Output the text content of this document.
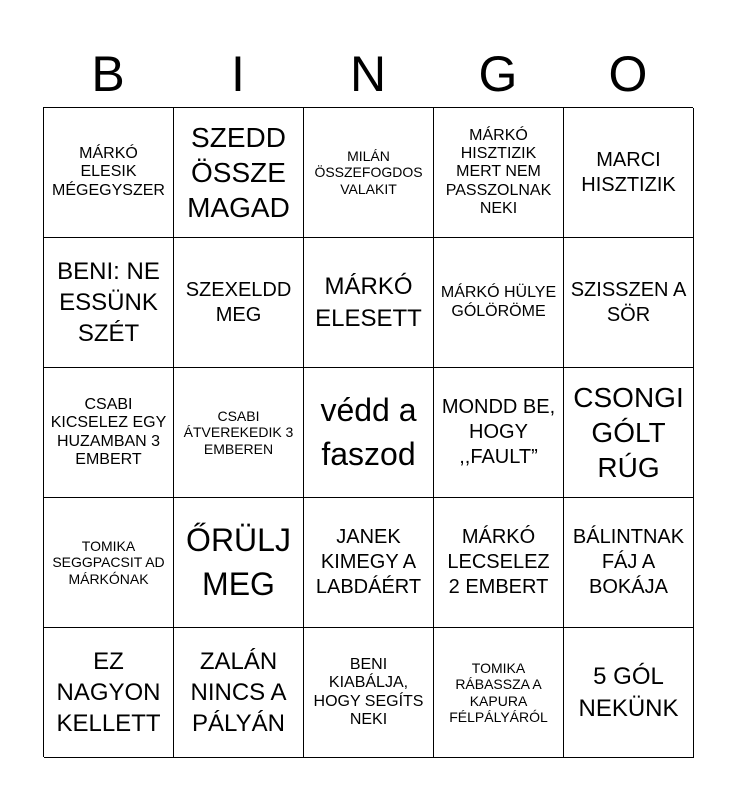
B	I	N	G	O
MÁRKÓ ELESIK MÉGEGYSZER
SZEDD ÖSSZE MAGAD
MILÁN ÖSSZEFOGDOS VALAKIT
MÁRKÓ HISZTIZIK MERT NEM PASSZOLNAK NEKI
MARCI HISZTIZIK
BENI: NE ESSÜNK SZÉT
SZEXELDD MEG
MÁRKÓ ELESETT
MÁRKÓ HÜLYE GÓLÖRÖME
SZISSZEN A SÖR
CSABI KICSELEZ EGY HUZAMBAN 3 EMBERT
CSABI ÁTVEREKEDIK 3 EMBEREN
védd a faszod
MONDD BE, HOGY ,,FAULT”
CSONGI GÓLT RÚG
TOMIKA SEGGPACSIT AD MÁRKÓNAK
ŐRÜLJ MEG
JANEK KIMEGY A LABDÁÉRT
MÁRKÓ LECSELEZ 2 EMBERT
BÁLINTNAK FÁJ A BOKÁJA
EZ NAGYON KELLETT
ZALÁN NINCS A PÁLYÁN
BENI KIABÁLJA, HOGY SEGÍTS NEKI
TOMIKA RÁBASSZA A KAPURA FÉLPÁLYÁRÓL
5 GÓL NEKÜNK
